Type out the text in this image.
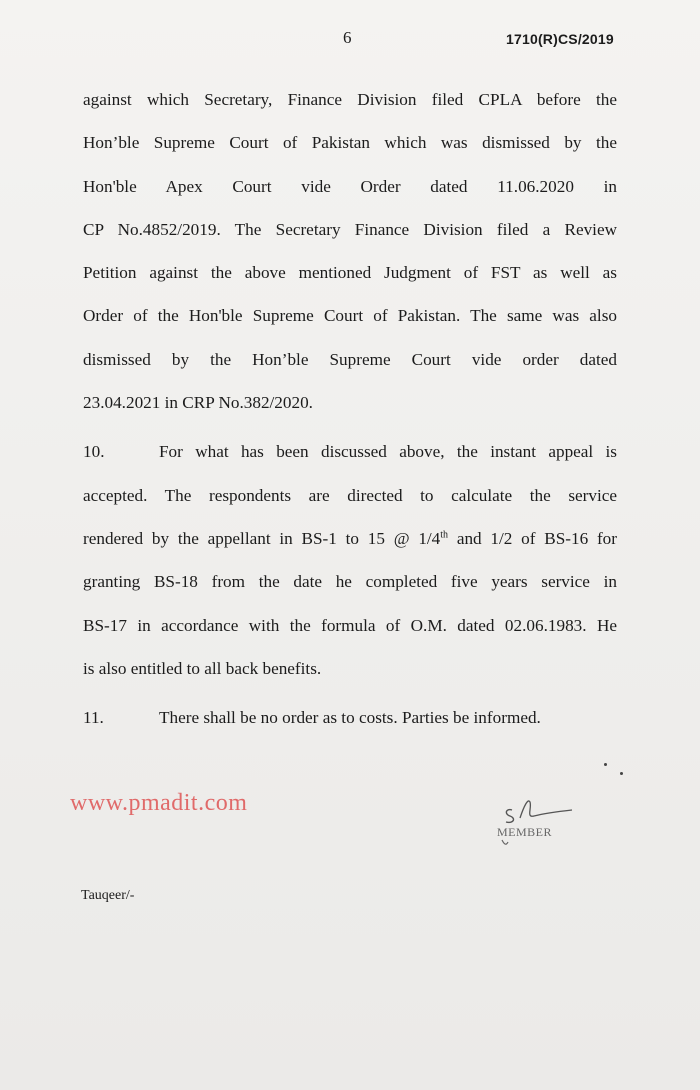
6	1710(R)CS/2019
against which Secretary, Finance Division filed CPLA before the
Hon’ble Supreme Court of Pakistan which was dismissed by the
Hon'ble Apex Court vide Order dated 11.06.2020 in
CP No.4852/2019. The Secretary Finance Division filed a Review
Petition against the above mentioned Judgment of FST as well as
Order of the Hon'ble Supreme Court of Pakistan. The same was also
dismissed by the Hon’ble Supreme Court vide order dated
23.04.2021 in CRP No.382/2020.
10.	For what has been discussed above, the instant appeal is
accepted. The respondents are directed to calculate the service
rendered by the appellant in BS-1 to 15 @ 1/4th and 1/2 of BS-16 for
granting BS-18 from the date he completed five years service in
BS-17 in accordance with the formula of O.M. dated 02.06.1983. He
is also entitled to all back benefits.
11.	There shall be no order as to costs. Parties be informed.
www.pmadit.com
MEMBER
Tauqeer/-
